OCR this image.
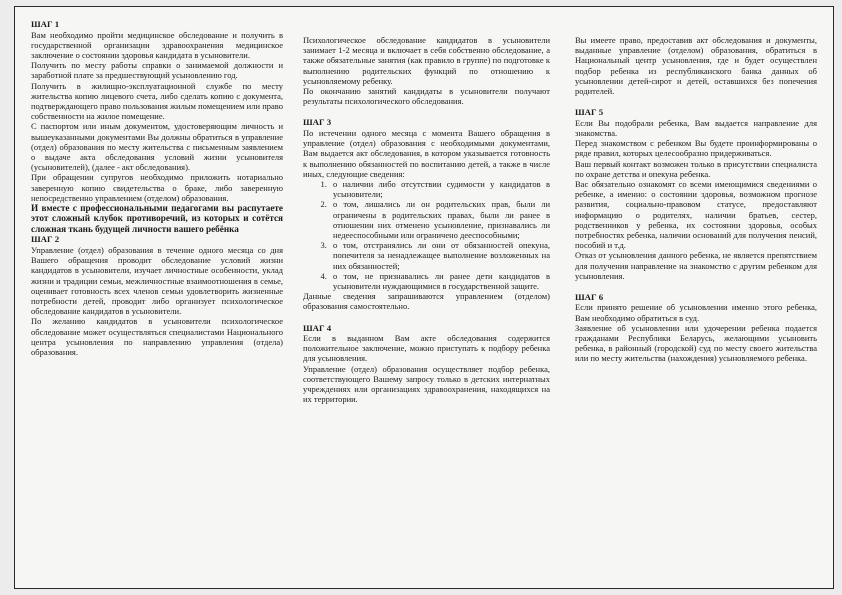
ШАГ 1

Вам необходимо пройти медицинское обследование и получить в государственной организации здравоохранения медицинское заключение о состоянии здоровья кандидата в усыновители.

Получить по месту работы справки о занимаемой должности и заработной плате за предшествующий усыновлению год.

Получить в жилищно-эксплуатационной службе по месту жительства копию лицевого счета, либо сделать копию с документа, подтверждающего право пользования жилым помещением или право собственности на жилое помещение.

С паспортом или иным документом, удостоверяющим личность и вышеуказанными документами Вы должны обратиться в управление (отдел) образования по месту жительства с письменным заявлением о выдаче акта обследования условий жизни усыновителя (усыновителей), (далее - акт обследования).

При обращении супругов необходимо приложить нотариально заверенную копию свидетельства о браке, либо заверенную непосредственно управлением (отделом) образования.

И вместе с профессиональными педагогами вы распутаете этот сложный клубок противоречий, из которых и сотётся сложная ткань будущей личности вашего ребёнка

ШАГ 2

Управление (отдел) образования в течение одного месяца со дня Вашего обращения проводит обследование условий жизни кандидатов в усыновители, изучает личностные особенности, уклад жизни и традиции семьи, межличностные взаимоотношения в семье, оценивает готовность всех членов семьи удовлетворить жизненные потребности детей, проводит либо организует психологическое обследование кандидатов в усыновители.

По желанию кандидатов в усыновители психологическое обследование может осуществляться специалистами Национального центра усыновления по направлению управления (отдела) образования.

Психологическое обследование кандидатов в усыновители занимает 1-2 месяца и включает в себя собственно обследование, а также обязательные занятия (как правило в группе) по подготовке к выполнению родительских функций по отношению к усыновляемому ребенку.

По окончанию занятий кандидаты в усыновители получают результаты психологического обследования.

ШАГ 3

По истечении одного месяца с момента Вашего обращения в управление (отдел) образования с необходимыми документами, Вам выдается акт обследования, в котором указывается готовность к выполнению обязанностей по воспитанию детей, а также в числе иных, следующие сведения:

1. о наличии либо отсутствии судимости у кандидатов в усыновители;
2. о том, лишались ли он родительских прав, были ли ограничены в родительских правах, были ли ранее в отношении них отменено усыновление, признавались ли недееспособными или ограничено дееспособными;
3. о том, отстранялись ли они от обязанностей опекуна, попечителя за ненадлежащее выполнение возложенных на них обязанностей;
4. о том, не признавались ли ранее дети кандидатов в усыновители нуждающимися в государственной защите.

Данные сведения запрашиваются управлением (отделом) образования самостоятельно.

ШАГ 4

Если в выданном Вам акте обследования содержится положительное заключение, можно приступать к подбору ребенка для усыновления.

Управление (отдел) образования осуществляет подбор ребенка, соответствующего Вашему запросу только в детских интернатных учреждениях или организациях здравоохранения, находящихся на их территории.

Вы имеете право, предоставив акт обследования и документы, выданные управление (отделом) образования, обратиться в Национальный центр усыновления, где и будет осуществлен подбор ребенка из республиканского банка данных об усыновлении детей-сирот и детей, оставшихся без попечения родителей.

ШАГ 5

Если Вы подобрали ребенка, Вам выдается направление для знакомства.

Перед знакомством с ребенком Вы будете проинформированы о ряде правил, которых целесообразно придерживаться.

Ваш первый контакт возможен только в присутствии специалиста по охране детства и опекуна ребенка.

Вас обязательно ознакомят со всеми имеющимися сведениями о ребенке, а именно: о состоянии здоровья, возможном прогнозе развития, социально-правовом статусе, предоставляют информацию о родителях, наличии братьев, сестер, родственников у ребенка, их состоянии здоровья, особых потребностях ребенка, наличии оснований для получения пенсий, пособий и т.д.

Отказ от усыновления данного ребенка, не является препятствием для получения направление на знакомство с другим ребенком для усыновления.

ШАГ 6

Если принято решение об усыновлении именно этого ребенка, Вам необходимо обратиться в суд.

Заявление об усыновлении или удочерении ребенка подается гражданами Республики Беларусь, желающими усыновить ребенка, в районный (городской) суд по месту своего жительства или по месту жительства (нахождения) усыновляемого ребенка.
